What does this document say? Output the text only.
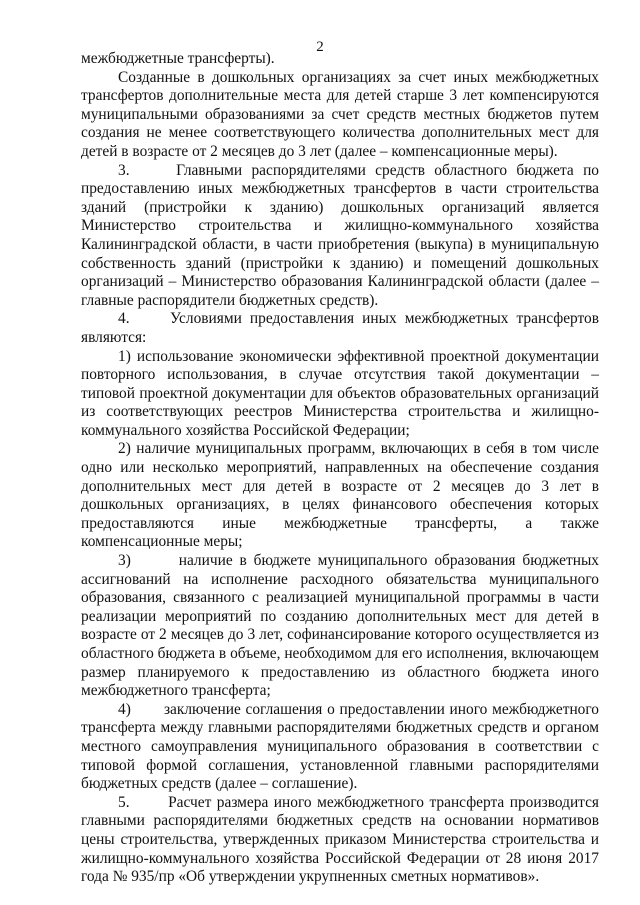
2

межбюджетные трансферты).

Созданные в дошкольных организациях за счет иных межбюджетных трансфертов дополнительные места для детей старше 3 лет компенсируются муниципальными образованиями за счет средств местных бюджетов путем создания не менее соответствующего количества дополнительных мест для детей в возрасте от 2 месяцев до 3 лет (далее – компенсационные меры).

3.     Главными распорядителями средств областного бюджета по предоставлению иных межбюджетных трансфертов в части строительства зданий (пристройки к зданию) дошкольных организаций является Министерство строительства и жилищно-коммунального хозяйства Калининградской области, в части приобретения (выкупа) в муниципальную собственность зданий (пристройки к зданию) и помещений дошкольных организаций – Министерство образования Калининградской области (далее – главные распорядители бюджетных средств).

4.     Условиями предоставления иных межбюджетных трансфертов являются:

1) использование экономически эффективной проектной документации повторного использования, в случае отсутствия такой документации – типовой проектной документации для объектов образовательных организаций из соответствующих реестров Министерства строительства и жилищно-коммунального хозяйства Российской Федерации;

2) наличие муниципальных программ, включающих в себя в том числе одно или несколько мероприятий, направленных на обеспечение создания дополнительных мест для детей в возрасте от 2 месяцев до 3 лет в дошкольных организациях, в целях финансового обеспечения которых предоставляются иные межбюджетные трансферты, а также компенсационные меры;

3)       наличие в бюджете муниципального образования бюджетных ассигнований на исполнение расходного обязательства муниципального образования, связанного с реализацией муниципальной программы в части реализации мероприятий по созданию дополнительных мест для детей в возрасте от 2 месяцев до 3 лет, софинансирование которого осуществляется из областного бюджета в объеме, необходимом для его исполнения, включающем размер планируемого к предоставлению из областного бюджета иного межбюджетного трансферта;

4)       заключение соглашения о предоставлении иного межбюджетного трансферта между главными распорядителями бюджетных средств и органом местного самоуправления муниципального образования в соответствии с типовой формой соглашения, установленной главными распорядителями бюджетных средств (далее – соглашение).

5.       Расчет размера иного межбюджетного трансферта производится главными распорядителями бюджетных средств на основании нормативов цены строительства, утвержденных приказом Министерства строительства и жилищно-коммунального хозяйства Российской Федерации от 28 июня 2017 года № 935/пр «Об утверждении укрупненных сметных нормативов».
